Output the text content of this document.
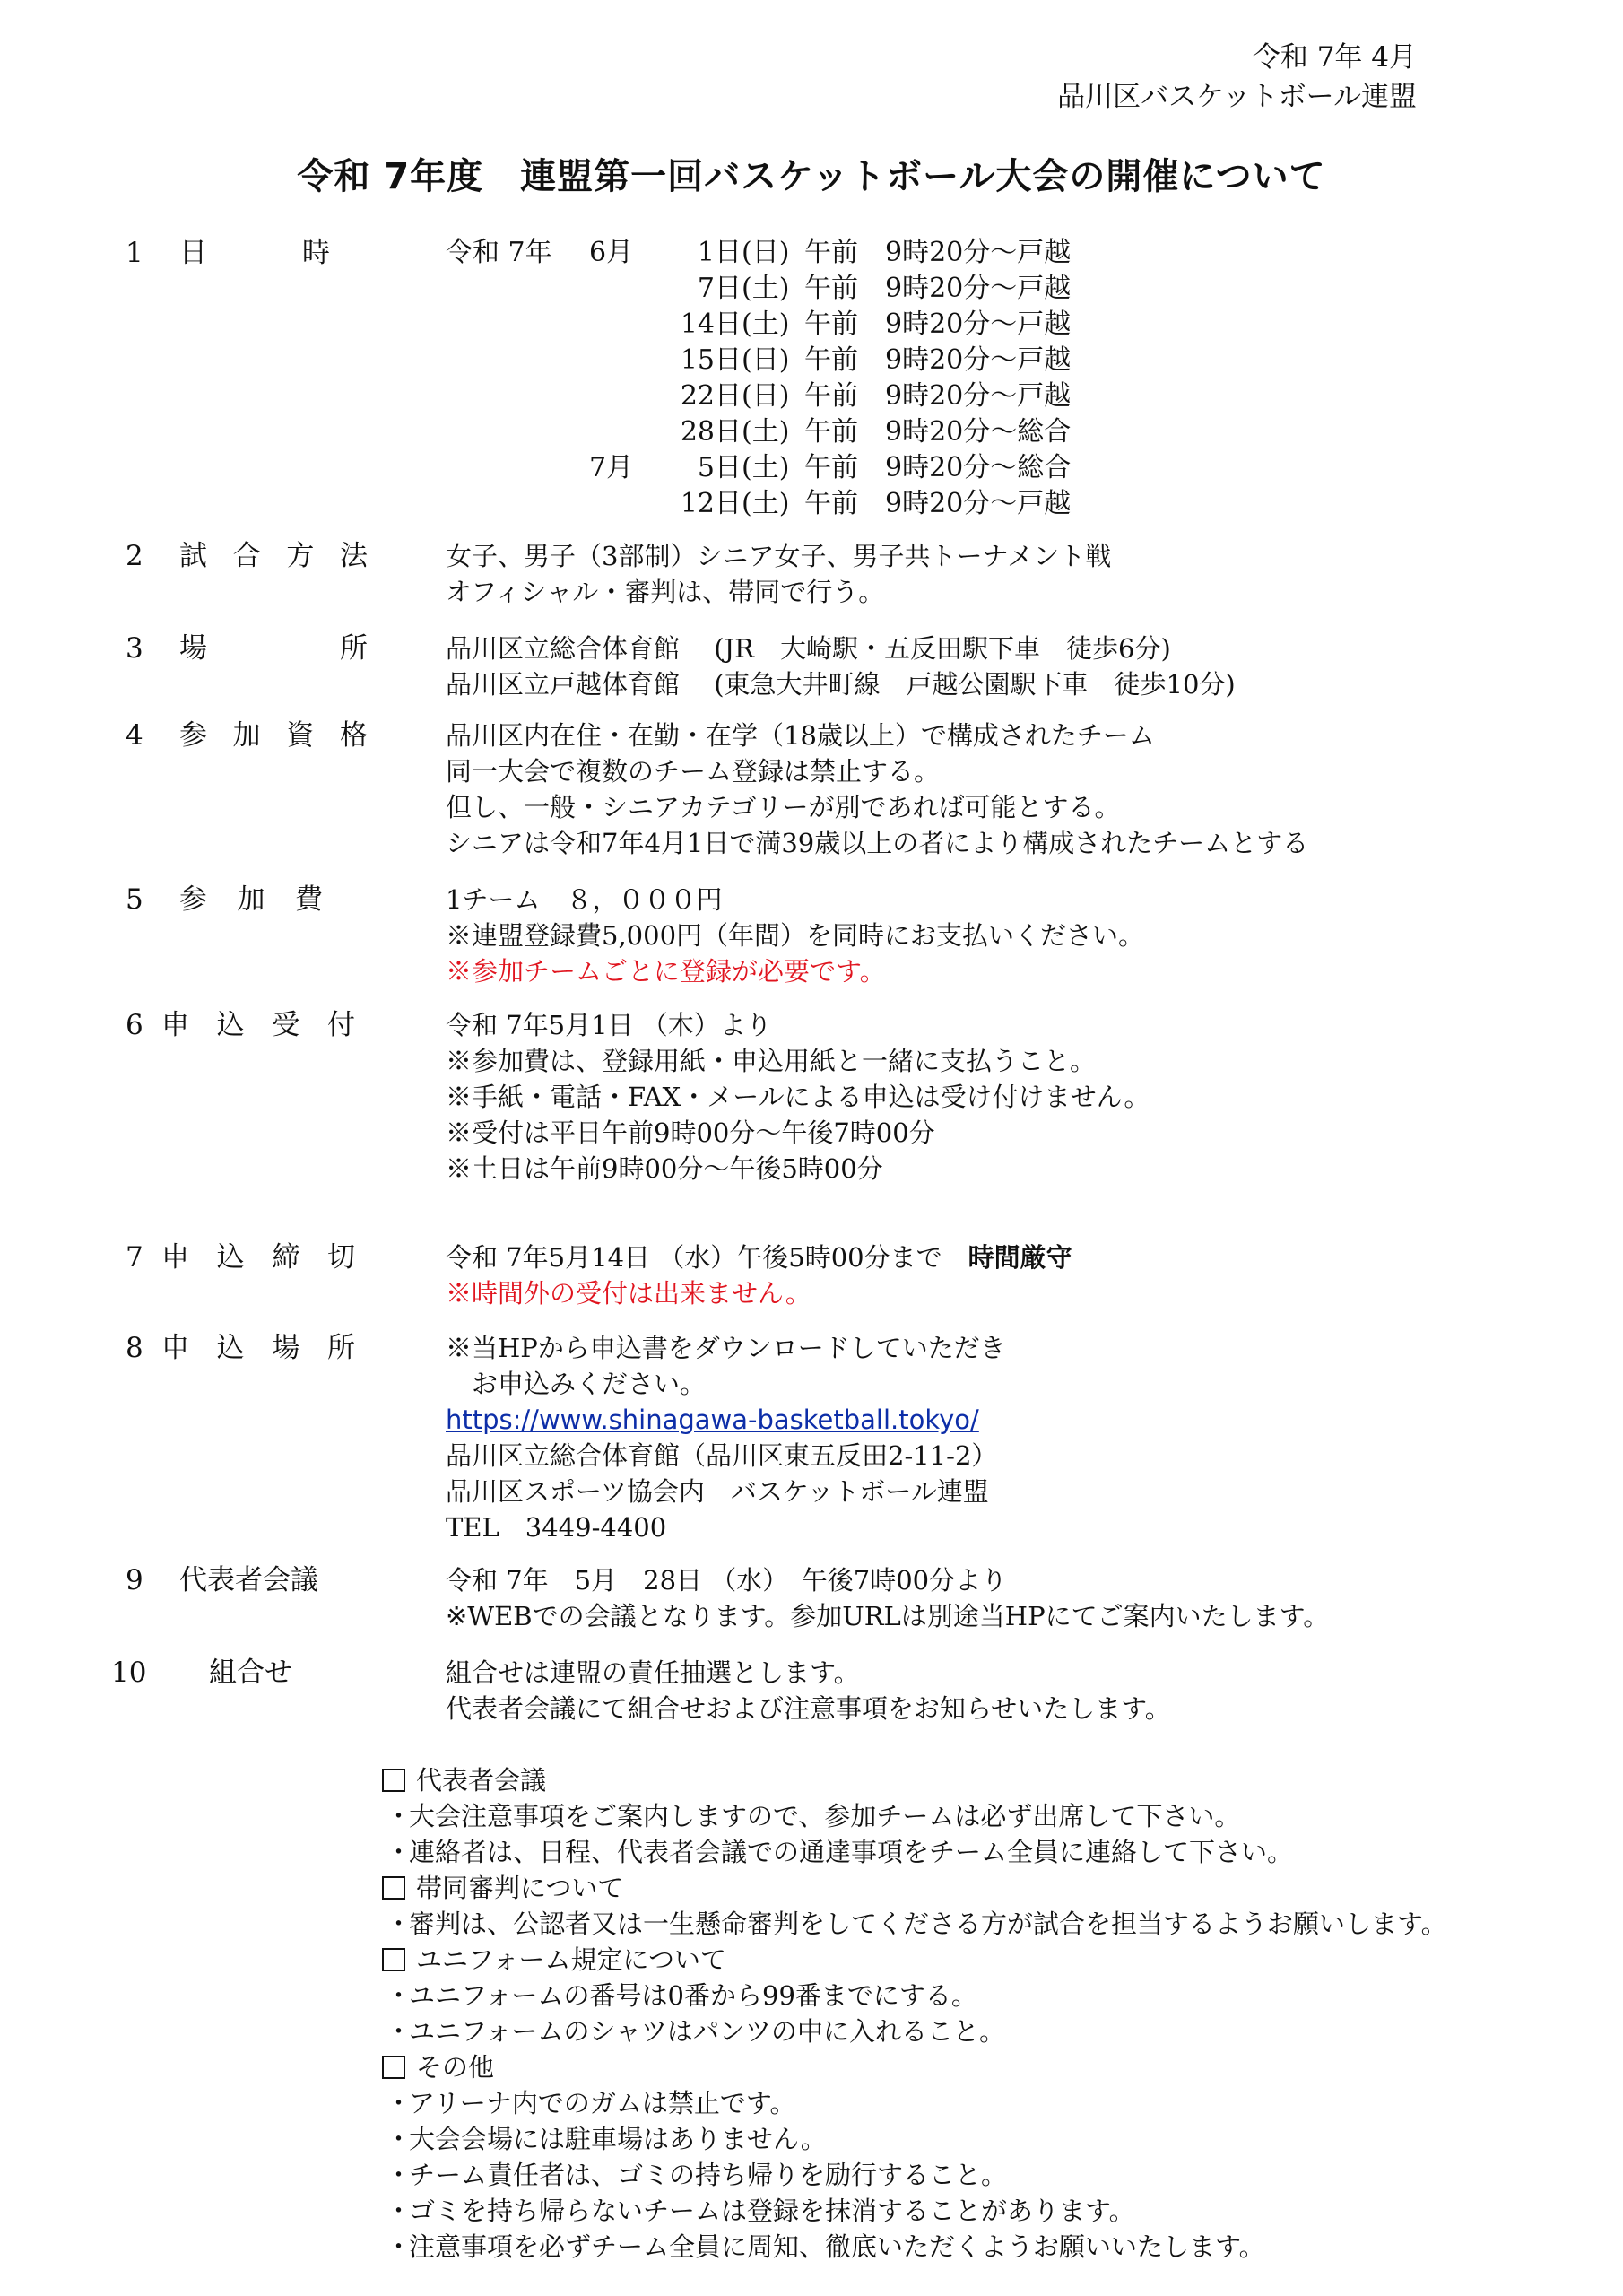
令和 7年 4月
品川区バスケットボール連盟
令和 7年度　連盟第一回バスケットボール大会の開催について
1 日	時	令和 7年	6月	1日 (日) 午前　9時20分～戸越
7日 (土) 午前　9時20分～戸越
14日 (土) 午前　9時20分～戸越
15日 (日) 午前　9時20分～戸越
22日 (日) 午前　9時20分～戸越
28日 (土) 午前　9時20分～総合
7月	5日 (土) 午前　9時20分～総合
12日 (土) 午前　9時20分～戸越
2 試 合 方 法	女子、男子（3部制）シニア女子、男子共トーナメント戦
オフィシャル・審判は、帯同で行う。
3 場	所	品川区立総合体育館　 (JR　大崎駅・五反田駅下車　徒歩6分)
品川区立戸越体育館　 (東急大井町線　戸越公園駅下車　徒歩10分)
4 参 加 資 格	品川区内在住・在勤・在学（18歳以上）で構成されたチーム
同一大会で複数のチーム登録は禁止する。
但し、一般・シニアカテゴリーが別であれば可能とする。
シニアは令和7年4月1日で満39歳以上の者により構成されたチームとする
5 参 加 費	1チーム　８，０００円
※連盟登録費5,000円（年間）を同時にお支払いください。
※参加チームごとに登録が必要です。
6 申 込 受 付	令和 7年5月1日 （木）より
※参加費は、登録用紙・申込用紙と一緒に支払うこと。
※手紙・電話・FAX・メールによる申込は受け付けません。
※受付は平日午前9時00分～午後7時00分
※土日は午前9時00分～午後5時00分
7 申 込 締 切	令和 7年5月14日 （水）午後5時00分まで　 時間厳守
※時間外の受付は出来ません。
8 申 込 場 所	※当HPから申込書をダウンロードしていただき
　お申込みください。
https://www.shinagawa-basketball.tokyo/
品川区立総合体育館（品川区東五反田2-11-2）
品川区スポーツ協会内　バスケットボール連盟
TEL　3449-4400
9 代 表 者 会 議	令和 7年　5月　28日 （水）　午後7時00分より
※WEBでの会議となります。参加URLは別途当HPにてご案内いたします。
10 組 合 せ	組合せは連盟の責任抽選とします。
代表者会議にて組合せおよび注意事項をお知らせいたします。
代表者会議
・大会注意事項をご案内しますので、参加チームは必ず出席して下さい。
・連絡者は、日程、代表者会議での通達事項をチーム全員に連絡して下さい。
帯同審判について
・審判は、公認者又は一生懸命審判をしてくださる方が試合を担当するようお願いします。
ユニフォーム規定について
・ユニフォームの番号は0番から99番までにする。
・ユニフォームのシャツはパンツの中に入れること。
その他
・アリーナ内でのガムは禁止です。
・大会会場には駐車場はありません。
・チーム責任者は、ゴミの持ち帰りを励行すること。
・ゴミを持ち帰らないチームは登録を抹消することがあります。
・注意事項を必ずチーム全員に周知、徹底いただくようお願いいたします。
